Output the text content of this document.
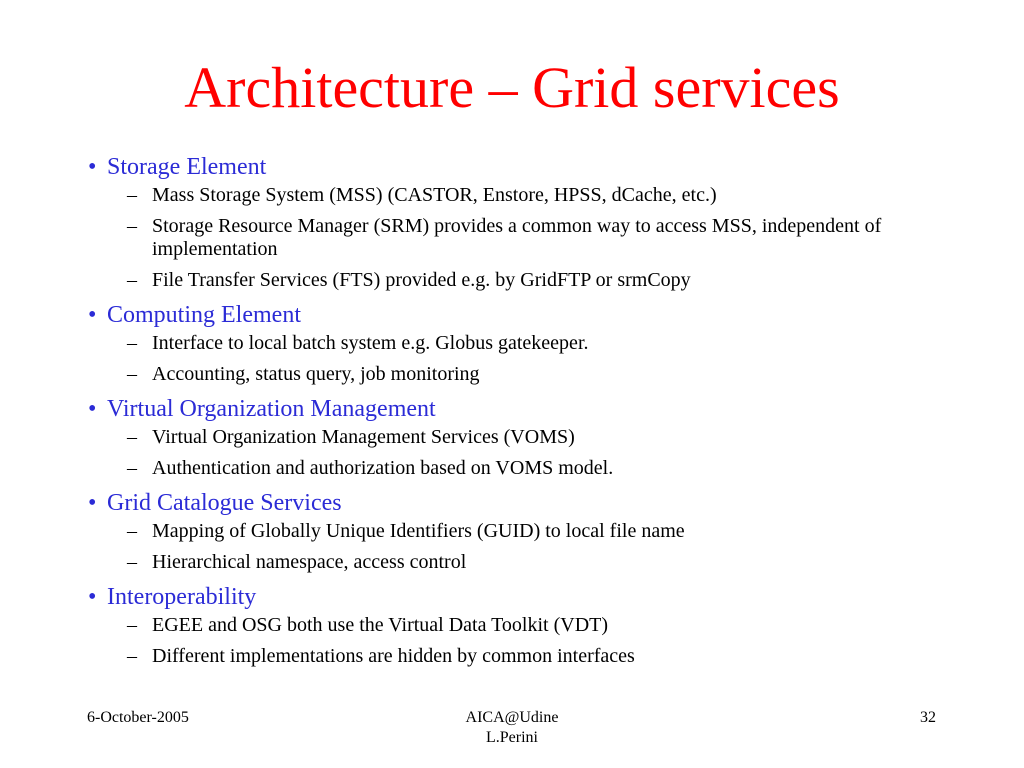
Architecture – Grid services
• Storage Element
– Mass Storage System (MSS) (CASTOR, Enstore, HPSS, dCache, etc.)
– Storage Resource Manager (SRM) provides a common way to access MSS, independent of implementation
– File Transfer Services (FTS) provided e.g. by GridFTP or srmCopy
• Computing Element
– Interface to local batch system e.g. Globus gatekeeper.
– Accounting, status query, job monitoring
• Virtual Organization Management
– Virtual Organization Management Services (VOMS)
– Authentication and authorization based on VOMS model.
• Grid Catalogue Services
– Mapping of Globally Unique Identifiers (GUID) to local file name
– Hierarchical namespace, access control
• Interoperability
– EGEE and OSG both use the Virtual Data Toolkit (VDT)
– Different implementations are hidden by common interfaces
6-October-2005	AICA@Udine
L.Perini
32
